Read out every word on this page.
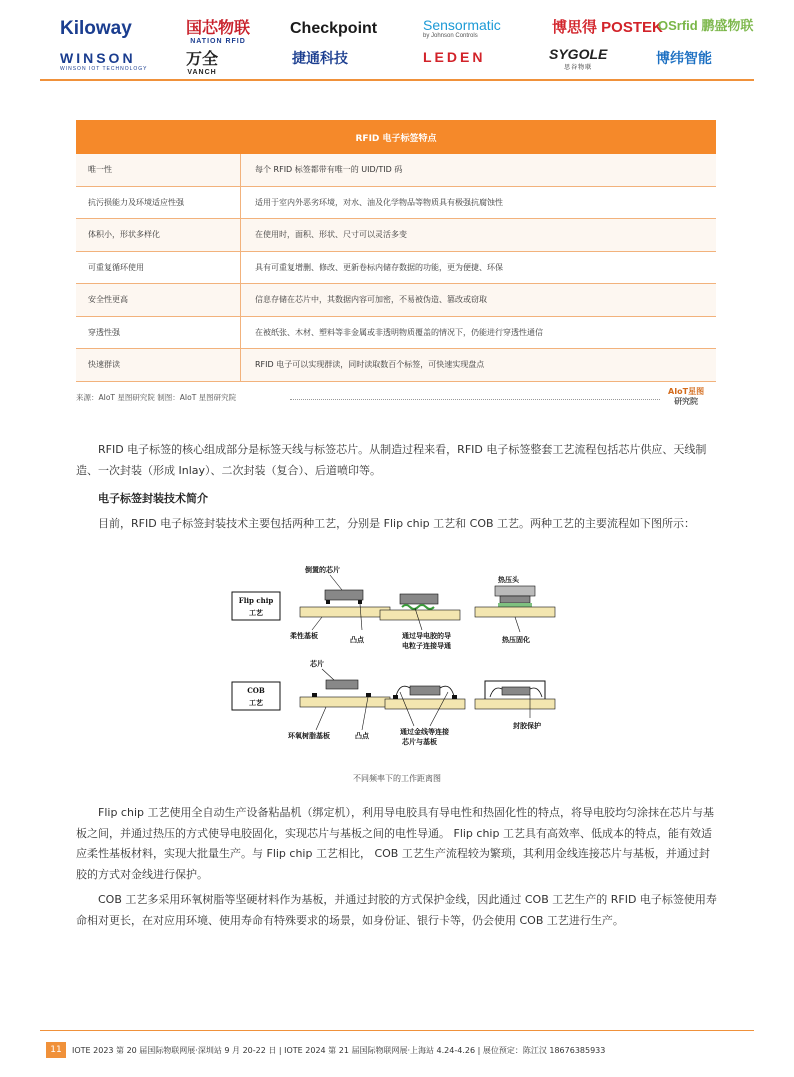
Kiloway	国芯物联
NATION RFID
Checkpoint	Sensormatic
by Johnson Controls	博思得 POSTEK
OSrfid 鹏盛物联
WINSON
WINSON IOT TECHNOLOGY
万全
VANCH
捷通科技	LEDEN	SYGOLE
思谷物联
博纬智能
RFID 电子标签特点
唯一性	每个 RFID 标签都带有唯一的 UID/TID 码
抗污损能力及环境适应性强	适用于室内外恶劣环境，对水、油及化学物品等物质具有极强抗腐蚀性
体积小，形状多样化	在使用时，面积、形状、尺寸可以灵活多变
可重复循环使用	具有可重复增删、修改、更新卷标内储存数据的功能，更为便捷、环保
安全性更高	信息存储在芯片中，其数据内容可加密，不易被伪造、篡改或窃取
穿透性强	在被纸张、木材、塑料等非金属或非透明物质覆盖的情况下，仍能进行穿透性通信
快速群读	RFID 电子可以实现群读，同时读取数百个标签，可快速实现盘点
来源：AIoT 星图研究院 制图：AIoT 星图研究院
AIoT星图
研究院
RFID 电子标签的核心组成部分是标签天线与标签芯片。从制造过程来看，RFID 电子标签整套工艺流程包括芯片供应、天线制造、一次封装（形成 Inlay）、二次封装（复合）、后道喷印等。
电子标签封装技术简介
目前，RFID 电子标签封装技术主要包括两种工艺，分别是 Flip chip 工艺和 COB 工艺。两种工艺的主要流程如下图所示：
Flip chip
工艺
倒置的芯片
柔性基板	凸点	通过导电胶的导
电粒子连接导通
热压头
热压固化
COB
工艺
芯片
环氧树脂基板	凸点	通过金线等连接
芯片与基板
封胶保护
不同频率下的工作距离图
Flip chip 工艺使用全自动生产设备粘晶机（绑定机），利用导电胶具有导电性和热固化性的特点，将导电胶均匀涂抹在芯片与基板之间，并通过热压的方式使导电胶固化，实现芯片与基板之间的电性导通。 Flip chip 工艺具有高效率、低成本的特点，能有效适应柔性基板材料，实现大批量生产。与 Flip chip 工艺相比， COB 工艺生产流程较为繁琐，其利用金线连接芯片与基板，并通过封胶的方式对金线进行保护。
COB 工艺多采用环氧树脂等坚硬材料作为基板，并通过封胶的方式保护金线，因此通过 COB 工艺生产的 RFID 电子标签使用寿命相对更长，在对应用环境、使用寿命有特殊要求的场景，如身份证、银行卡等，仍会使用 COB 工艺进行生产。
11	IOTE 2023 第 20 届国际物联网展·深圳站 9 月 20-22 日 | IOTE 2024 第 21 届国际物联网展·上海站 4.24-4.26 | 展位预定：陈江汉 18676385933
